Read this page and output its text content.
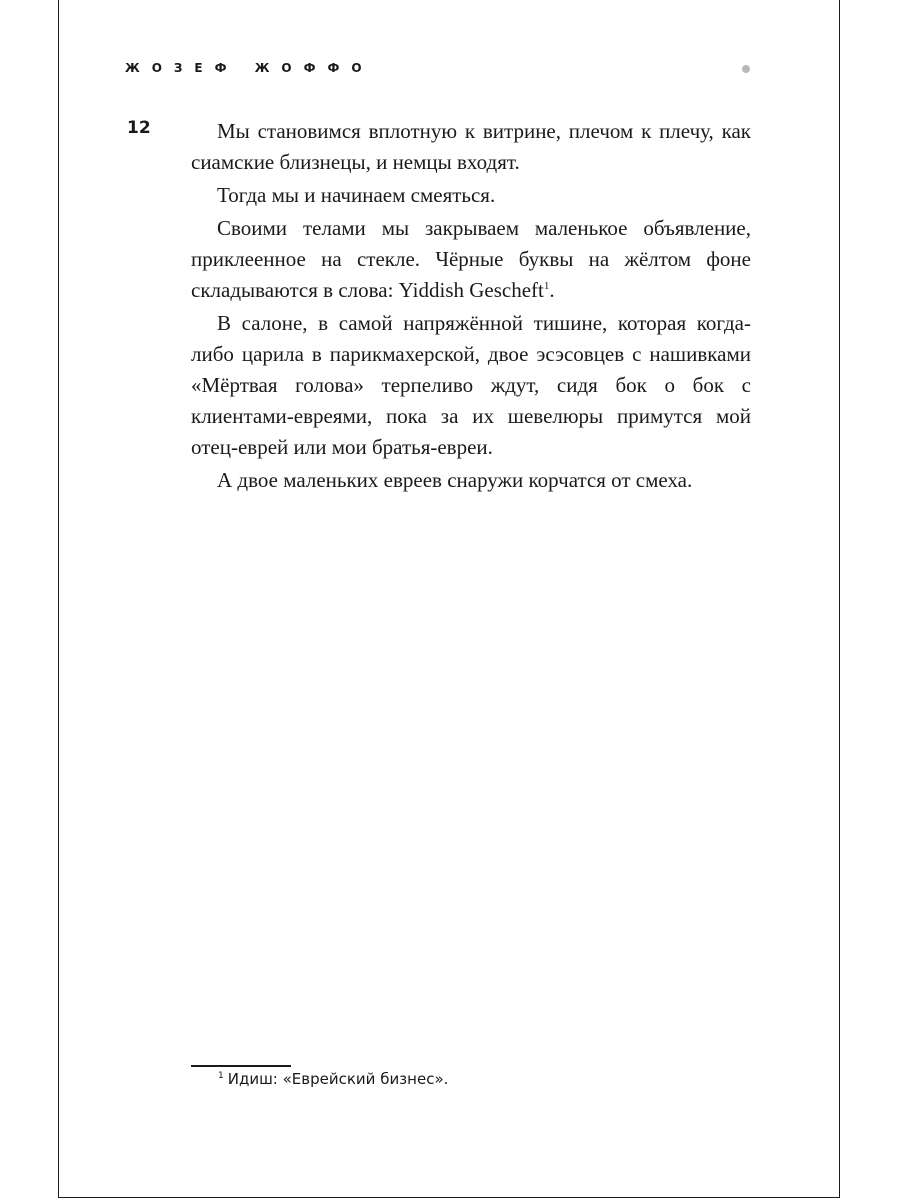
ЖОЗЕФ ЖОФФО
12	Мы становимся вплотную к витрине, плечом к плечу, как сиамские близнецы, и немцы входят.

Тогда мы и начинаем смеяться.

Своими телами мы закрываем маленькое объявление, приклеенное на стекле. Чёрные буквы на жёлтом фоне складываются в слова: Yiddish Gescheft$^1$.

В салоне, в самой напряжённой тишине, которая когда-либо царила в парикмахерской, двое эсэсовцев с нашивками «Мёртвая голова» терпеливо ждут, сидя бок о бок с клиентами-евреями, пока за их шевелюры примутся мой отец-еврей или мои братья-евреи.

А двое маленьких евреев снаружи корчатся от смеха.

$^1$ Идиш: «Еврейский бизнес».
